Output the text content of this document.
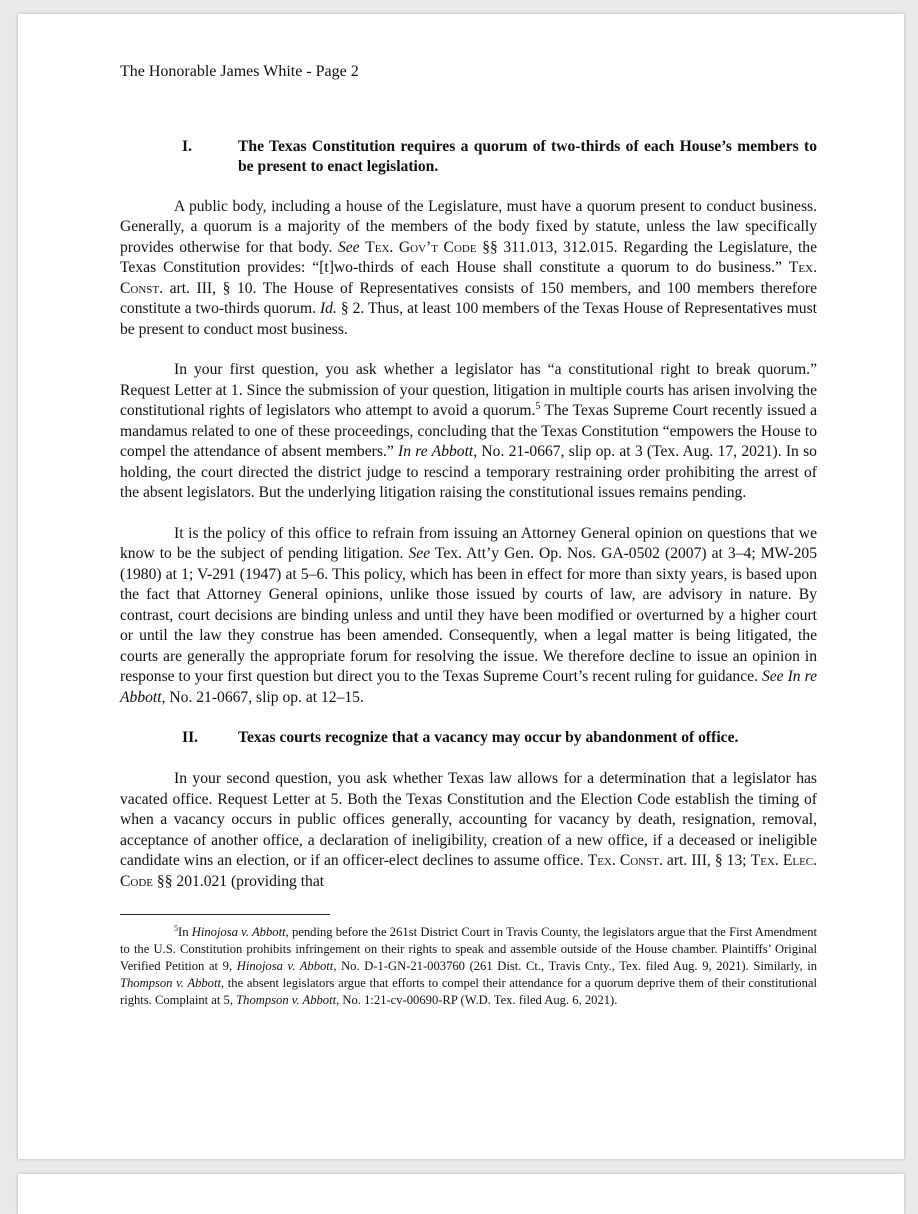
The Honorable James White - Page 2
I.	The Texas Constitution requires a quorum of two-thirds of each House’s members to be present to enact legislation.

A public body, including a house of the Legislature, must have a quorum present to conduct business. Generally, a quorum is a majority of the members of the body fixed by statute, unless the law specifically provides otherwise for that body. See Tex. Gov’t Code §§ 311.013, 312.015. Regarding the Legislature, the Texas Constitution provides: “[t]wo-thirds of each House shall constitute a quorum to do business.” Tex. Const. art. III, § 10. The House of Representatives consists of 150 members, and 100 members therefore constitute a two-thirds quorum. Id. § 2. Thus, at least 100 members of the Texas House of Representatives must be present to conduct most business.

In your first question, you ask whether a legislator has “a constitutional right to break quorum.” Request Letter at 1. Since the submission of your question, litigation in multiple courts has arisen involving the constitutional rights of legislators who attempt to avoid a quorum.$^5$ The Texas Supreme Court recently issued a mandamus related to one of these proceedings, concluding that the Texas Constitution “empowers the House to compel the attendance of absent members.” In re Abbott, No. 21-0667, slip op. at 3 (Tex. Aug. 17, 2021). In so holding, the court directed the district judge to rescind a temporary restraining order prohibiting the arrest of the absent legislators. But the underlying litigation raising the constitutional issues remains pending.

It is the policy of this office to refrain from issuing an Attorney General opinion on questions that we know to be the subject of pending litigation. See Tex. Att’y Gen. Op. Nos. GA-0502 (2007) at 3–4; MW-205 (1980) at 1; V-291 (1947) at 5–6. This policy, which has been in effect for more than sixty years, is based upon the fact that Attorney General opinions, unlike those issued by courts of law, are advisory in nature. By contrast, court decisions are binding unless and until they have been modified or overturned by a higher court or until the law they construe has been amended. Consequently, when a legal matter is being litigated, the courts are generally the appropriate forum for resolving the issue. We therefore decline to issue an opinion in response to your first question but direct you to the Texas Supreme Court’s recent ruling for guidance. See In re Abbott, No. 21-0667, slip op. at 12–15.

II.	Texas courts recognize that a vacancy may occur by abandonment of office.

In your second question, you ask whether Texas law allows for a determination that a legislator has vacated office. Request Letter at 5. Both the Texas Constitution and the Election Code establish the timing of when a vacancy occurs in public offices generally, accounting for vacancy by death, resignation, removal, acceptance of another office, a declaration of ineligibility, creation of a new office, if a deceased or ineligible candidate wins an election, or if an officer-elect declines to assume office. Tex. Const. art. III, § 13; Tex. Elec. Code §§ 201.021 (providing that

$^5$In Hinojosa v. Abbott, pending before the 261st District Court in Travis County, the legislators argue that the First Amendment to the U.S. Constitution prohibits infringement on their rights to speak and assemble outside of the House chamber. Plaintiffs’ Original Verified Petition at 9, Hinojosa v. Abbott, No. D-1-GN-21-003760 (261 Dist. Ct., Travis Cnty., Tex. filed Aug. 9, 2021). Similarly, in Thompson v. Abbott, the absent legislators argue that efforts to compel their attendance for a quorum deprive them of their constitutional rights. Complaint at 5, Thompson v. Abbott, No. 1:21-cv-00690-RP (W.D. Tex. filed Aug. 6, 2021).
